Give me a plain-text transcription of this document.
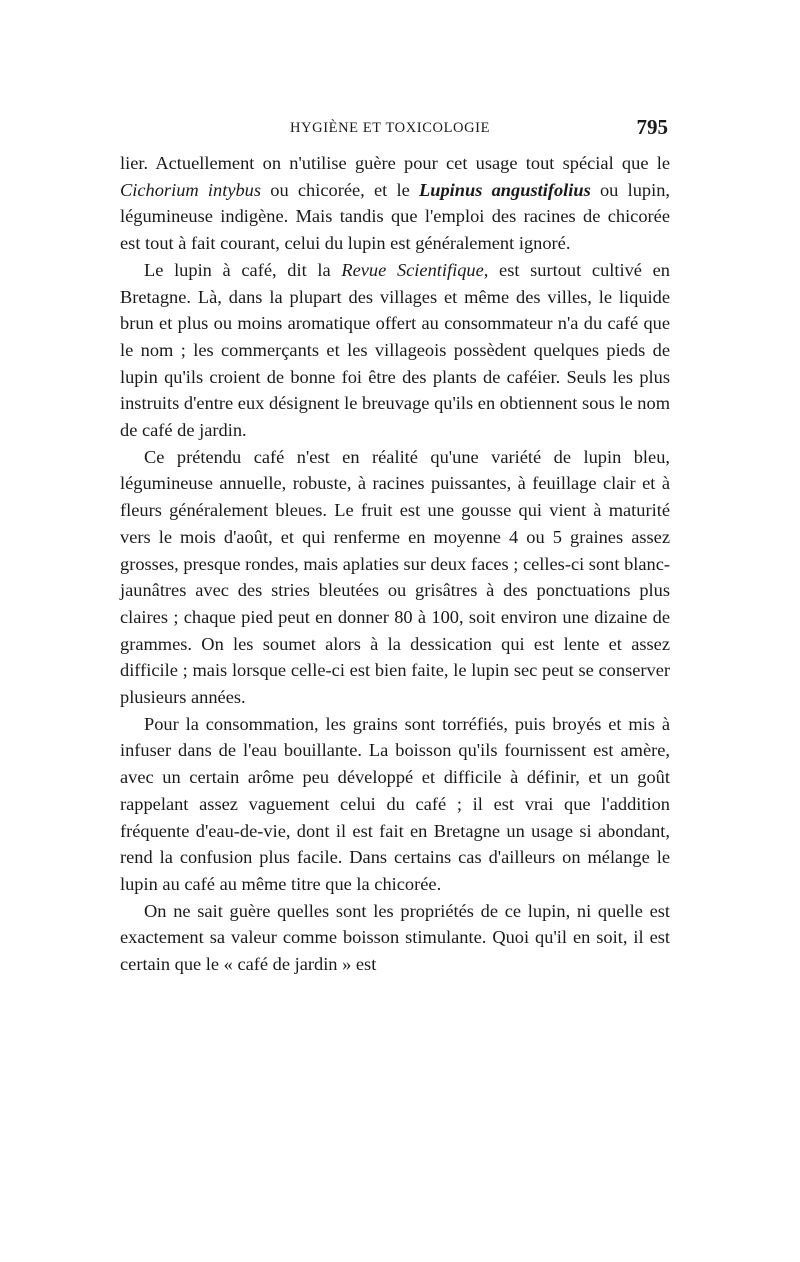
HYGIÈNE ET TOXICOLOGIE	795

lier. Actuellement on n'utilise guère pour cet usage tout spécial que le Cichorium intybus ou chicorée, et le Lupinus angustifolius ou lupin, légumineuse indigène. Mais tandis que l'emploi des racines de chicorée est tout à fait courant, celui du lupin est généralement ignoré.

Le lupin à café, dit la Revue Scientifique, est surtout cultivé en Bretagne. Là, dans la plupart des villages et même des villes, le liquide brun et plus ou moins aromatique offert au consommateur n'a du café que le nom ; les commerçants et les villageois possèdent quelques pieds de lupin qu'ils croient de bonne foi être des plants de caféier. Seuls les plus instruits d'entre eux désignent le breuvage qu'ils en obtiennent sous le nom de café de jardin.

Ce prétendu café n'est en réalité qu'une variété de lupin bleu, légumineuse annuelle, robuste, à racines puissantes, à feuillage clair et à fleurs généralement bleues. Le fruit est une gousse qui vient à maturité vers le mois d'août, et qui renferme en moyenne 4 ou 5 graines assez grosses, presque rondes, mais aplaties sur deux faces ; celles-ci sont blanc-jaunâtres avec des stries bleutées ou grisâtres à des ponctuations plus claires ; chaque pied peut en donner 80 à 100, soit environ une dizaine de grammes. On les soumet alors à la dessication qui est lente et assez difficile ; mais lorsque celle-ci est bien faite, le lupin sec peut se conserver plusieurs années.

Pour la consommation, les grains sont torréfiés, puis broyés et mis à infuser dans de l'eau bouillante. La boisson qu'ils fournissent est amère, avec un certain arôme peu développé et difficile à définir, et un goût rappelant assez vaguement celui du café ; il est vrai que l'addition fréquente d'eau-de-vie, dont il est fait en Bretagne un usage si abondant, rend la confusion plus facile. Dans certains cas d'ailleurs on mélange le lupin au café au même titre que la chicorée.

On ne sait guère quelles sont les propriétés de ce lupin, ni quelle est exactement sa valeur comme boisson stimulante. Quoi qu'il en soit, il est certain que le « café de jardin » est
